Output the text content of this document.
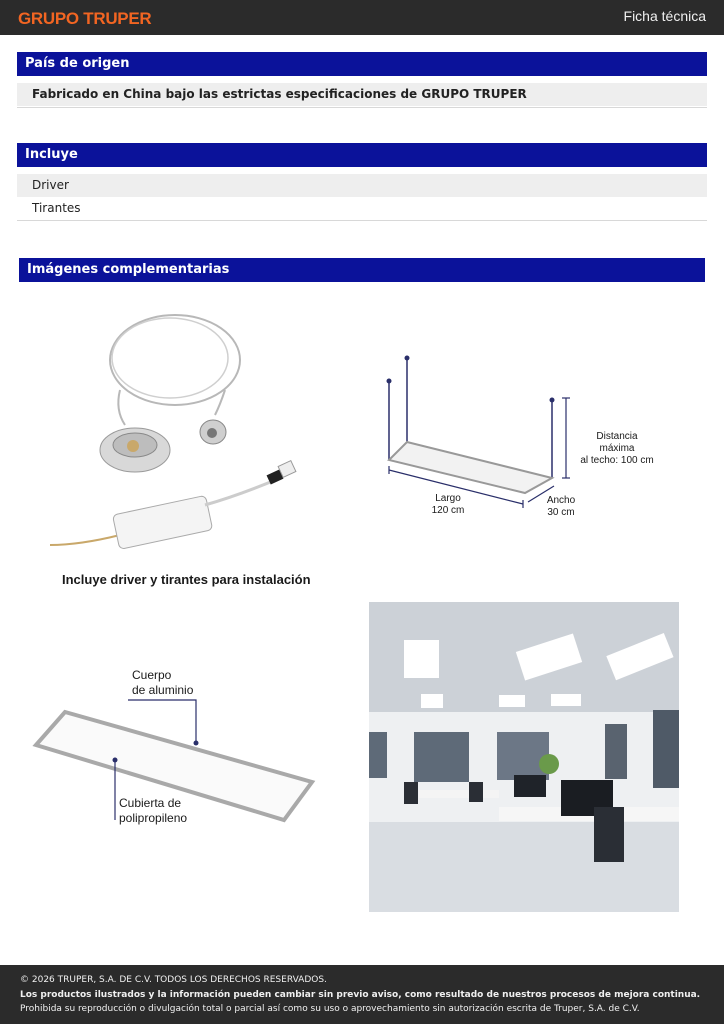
GRUPO TRUPER	Ficha técnica
País de origen
Fabricado en China bajo las estrictas especificaciones de GRUPO TRUPER
Incluye
Driver
Tirantes
Imágenes complementarias
Incluye driver y tirantes para instalación
Distancia máxima
al techo: 100 cm
Largo
120 cm
Ancho
30 cm
Cuerpo
de aluminio
Cubierta de
polipropileno
© 2026 TRUPER, S.A. DE C.V. TODOS LOS DERECHOS RESERVADOS.
Los productos ilustrados y la información pueden cambiar sin previo aviso, como resultado de nuestros procesos de mejora continua.
Prohibida su reproducción o divulgación total o parcial así como su uso o aprovechamiento sin autorización escrita de Truper, S.A. de C.V.
